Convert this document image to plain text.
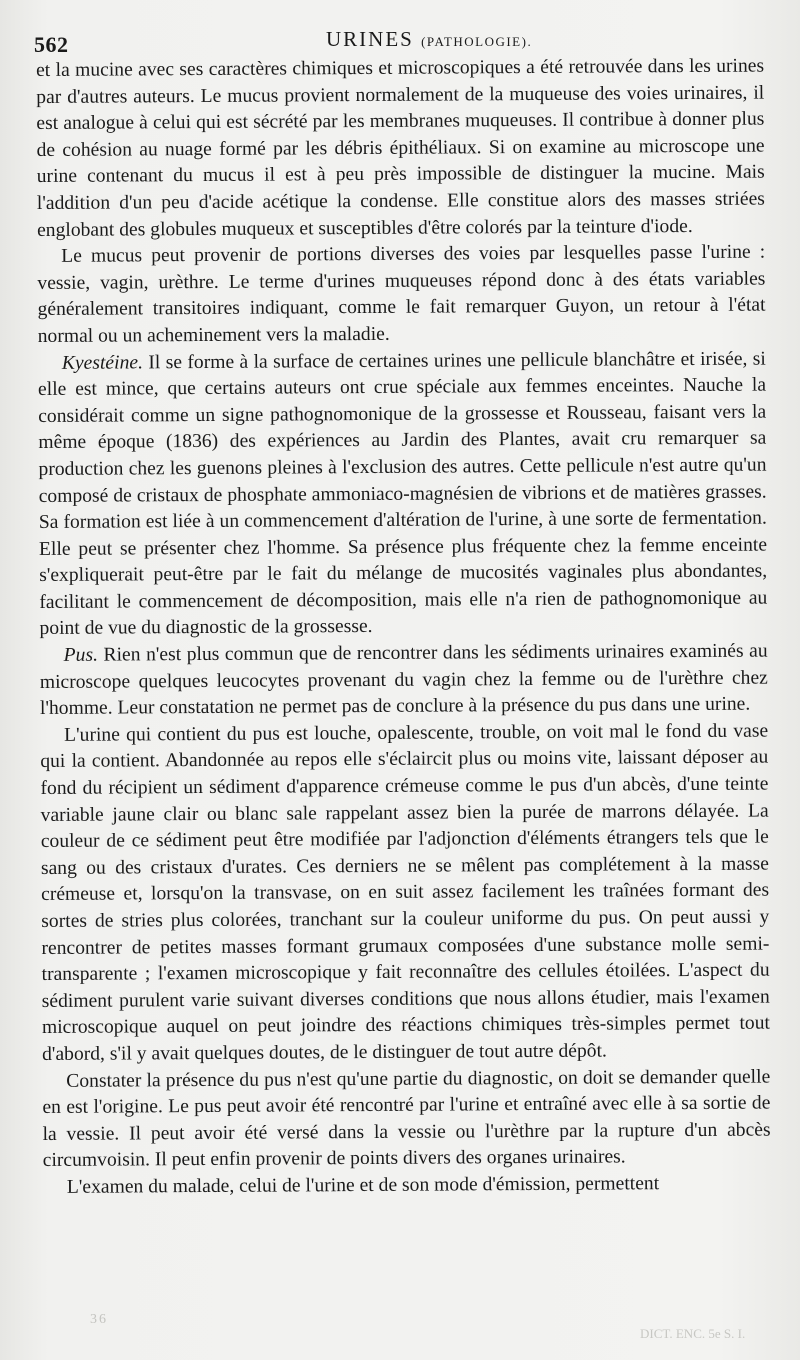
562	URINES (PATHOLOGIE).

et la mucine avec ses caractères chimiques et microscopiques a été retrouvée dans les urines par d'autres auteurs. Le mucus provient normalement de la muqueuse des voies urinaires, il est analogue à celui qui est sécrété par les membranes muqueuses. Il contribue à donner plus de cohésion au nuage formé par les débris épithéliaux. Si on examine au microscope une urine contenant du mucus il est à peu près impossible de distinguer la mucine. Mais l'addition d'un peu d'acide acétique la condense. Elle constitue alors des masses striées englobant des globules muqueux et susceptibles d'être colorés par la teinture d'iode.

Le mucus peut provenir de portions diverses des voies par lesquelles passe l'urine : vessie, vagin, urèthre. Le terme d'urines muqueuses répond donc à des états variables généralement transitoires indiquant, comme le fait remarquer Guyon, un retour à l'état normal ou un acheminement vers la maladie.

Kyestéine. Il se forme à la surface de certaines urines une pellicule blanchâtre et irisée, si elle est mince, que certains auteurs ont crue spéciale aux femmes enceintes. Nauche la considérait comme un signe pathognomonique de la grossesse et Rousseau, faisant vers la même époque (1836) des expériences au Jardin des Plantes, avait cru remarquer sa production chez les guenons pleines à l'exclusion des autres. Cette pellicule n'est autre qu'un composé de cristaux de phosphate ammoniaco-magnésien de vibrions et de matières grasses. Sa formation est liée à un commencement d'altération de l'urine, à une sorte de fermentation. Elle peut se présenter chez l'homme. Sa présence plus fréquente chez la femme enceinte s'expliquerait peut-être par le fait du mélange de mucosités vaginales plus abondantes, facilitant le commencement de décomposition, mais elle n'a rien de pathognomonique au point de vue du diagnostic de la grossesse.

Pus. Rien n'est plus commun que de rencontrer dans les sédiments urinaires examinés au microscope quelques leucocytes provenant du vagin chez la femme ou de l'urèthre chez l'homme. Leur constatation ne permet pas de conclure à la présence du pus dans une urine.

L'urine qui contient du pus est louche, opalescente, trouble, on voit mal le fond du vase qui la contient. Abandonnée au repos elle s'éclaircit plus ou moins vite, laissant déposer au fond du récipient un sédiment d'apparence crémeuse comme le pus d'un abcès, d'une teinte variable jaune clair ou blanc sale rappelant assez bien la purée de marrons délayée. La couleur de ce sédiment peut être modifiée par l'adjonction d'éléments étrangers tels que le sang ou des cristaux d'urates. Ces derniers ne se mêlent pas complétement à la masse crémeuse et, lorsqu'on la transvase, on en suit assez facilement les traînées formant des sortes de stries plus colorées, tranchant sur la couleur uniforme du pus. On peut aussi y rencontrer de petites masses formant grumaux composées d'une substance molle semi-transparente ; l'examen microscopique y fait reconnaître des cellules étoilées. L'aspect du sédiment purulent varie suivant diverses conditions que nous allons étudier, mais l'examen microscopique auquel on peut joindre des réactions chimiques très-simples permet tout d'abord, s'il y avait quelques doutes, de le distinguer de tout autre dépôt.

Constater la présence du pus n'est qu'une partie du diagnostic, on doit se demander quelle en est l'origine. Le pus peut avoir été rencontré par l'urine et entraîné avec elle à sa sortie de la vessie. Il peut avoir été versé dans la vessie ou l'urèthre par la rupture d'un abcès circumvoisin. Il peut enfin provenir de points divers des organes urinaires.

L'examen du malade, celui de l'urine et de son mode d'émission, permettent

36
DICT. ENC. 5e S. I.
